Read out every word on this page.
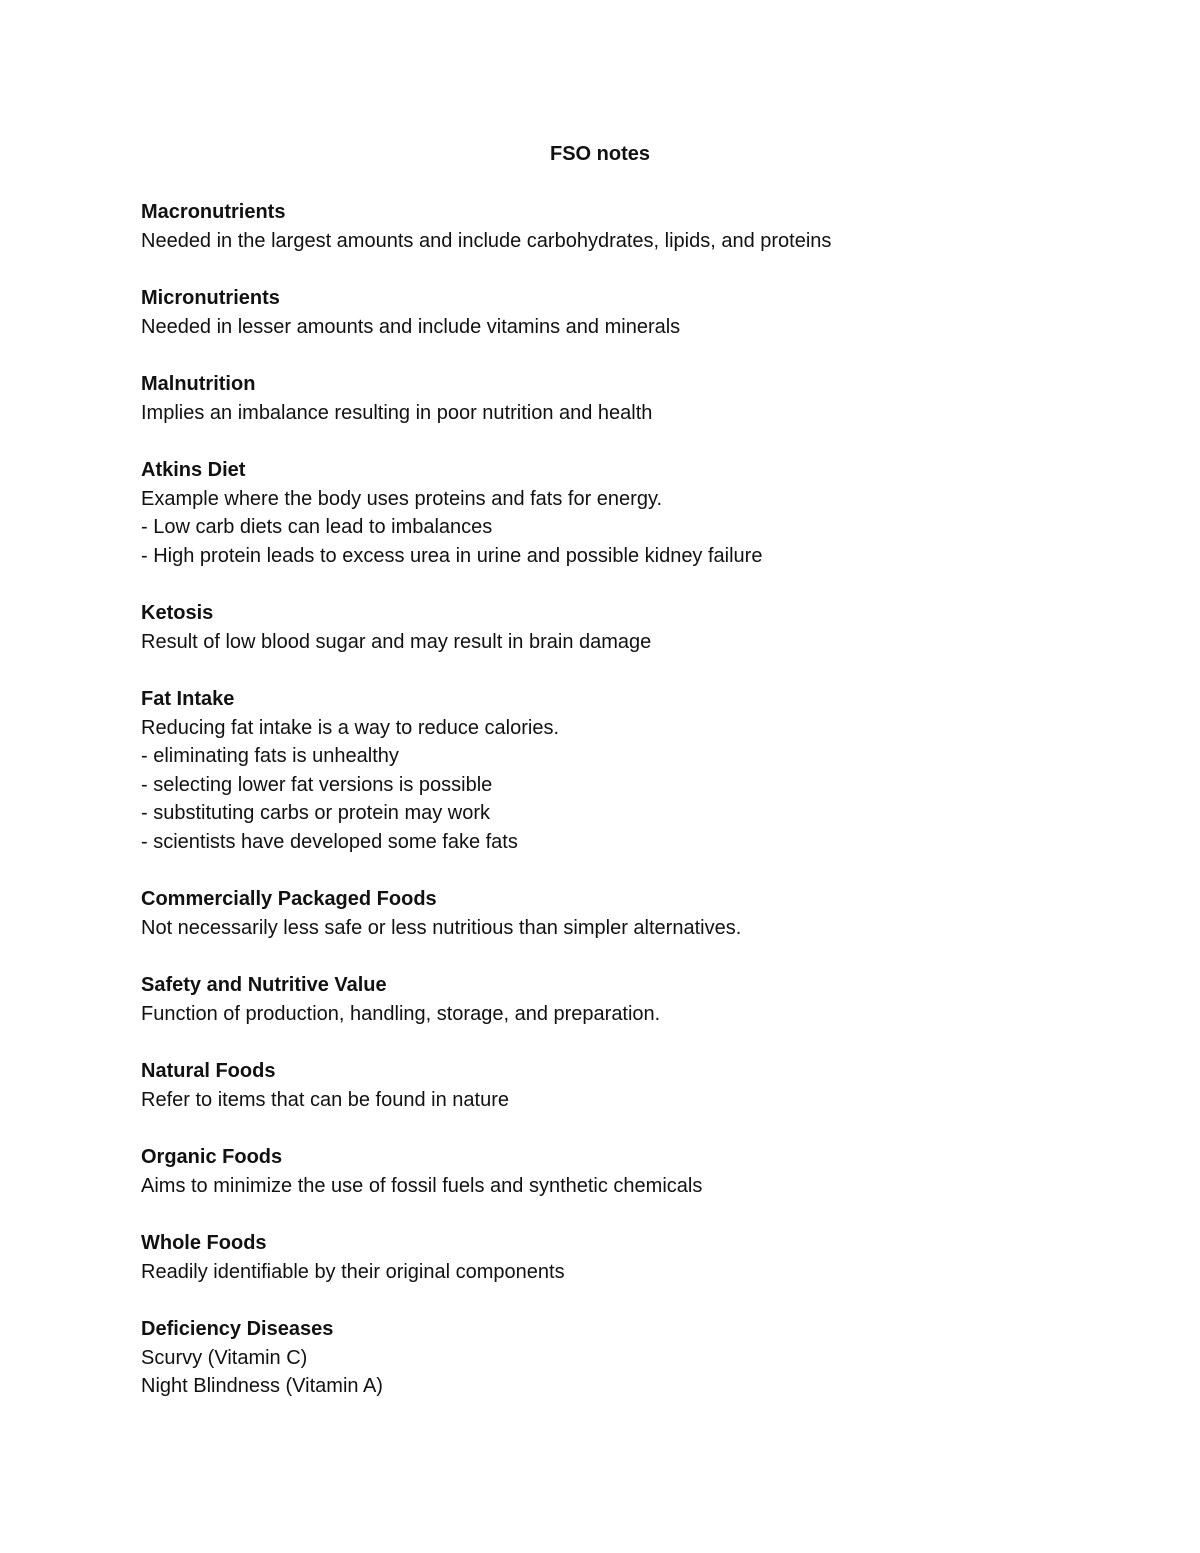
FSO notes

Macronutrients

Needed in the largest amounts and include carbohydrates, lipids, and proteins

Micronutrients

Needed in lesser amounts and include vitamins and minerals

Malnutrition

Implies an imbalance resulting in poor nutrition and health

Atkins Diet

Example where the body uses proteins and fats for energy.

- Low carb diets can lead to imbalances

- High protein leads to excess urea in urine and possible kidney failure

Ketosis

Result of low blood sugar and may result in brain damage

Fat Intake

Reducing fat intake is a way to reduce calories.

- eliminating fats is unhealthy

- selecting lower fat versions is possible

- substituting carbs or protein may work

- scientists have developed some fake fats

Commercially Packaged Foods

Not necessarily less safe or less nutritious than simpler alternatives.

Safety and Nutritive Value

Function of production, handling, storage, and preparation.

Natural Foods

Refer to items that can be found in nature

Organic Foods

Aims to minimize the use of fossil fuels and synthetic chemicals

Whole Foods

Readily identifiable by their original components

Deficiency Diseases

Scurvy (Vitamin C)

Night Blindness (Vitamin A)
